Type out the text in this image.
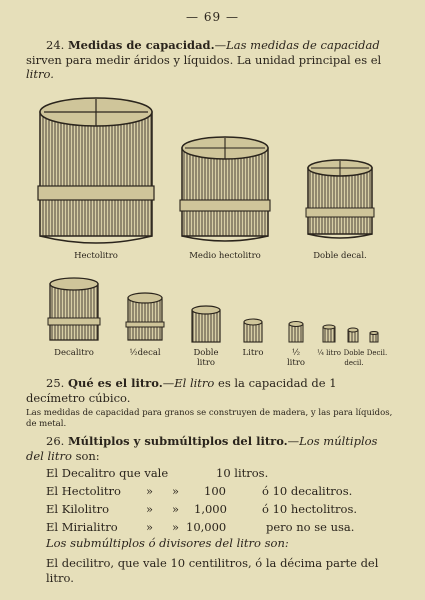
— 69 —
24. Medidas de capacidad.—Las medidas de capacidad sirven para medir áridos y líquidos. La unidad principal es el litro.
Hectolitro	Medio hectolitro	Doble decal.
Decalitro	½decal	Doble litro
Litro	½ litro
¼ litro Doble decil.
Decil.
25. Qué es el litro.—El litro es la capacidad de 1 decímetro cúbico.
Las medidas de capacidad para granos se construyen de madera, y las para líquidos, de metal.
26. Múltiplos y submúltiplos del litro.—Los múltiplos del litro son:
El Decalitro que vale	10 litros.
El Hectolitro » » 100	ó 10 decalitros.
El Kilolitro	» » 1,000	ó 10 hectolitros.
El Mirialitro » » 10,000	pero no se usa.
Los submúltiplos ó divisores del litro son:
El decilitro, que vale 10 centilitros, ó la décima parte del litro.
